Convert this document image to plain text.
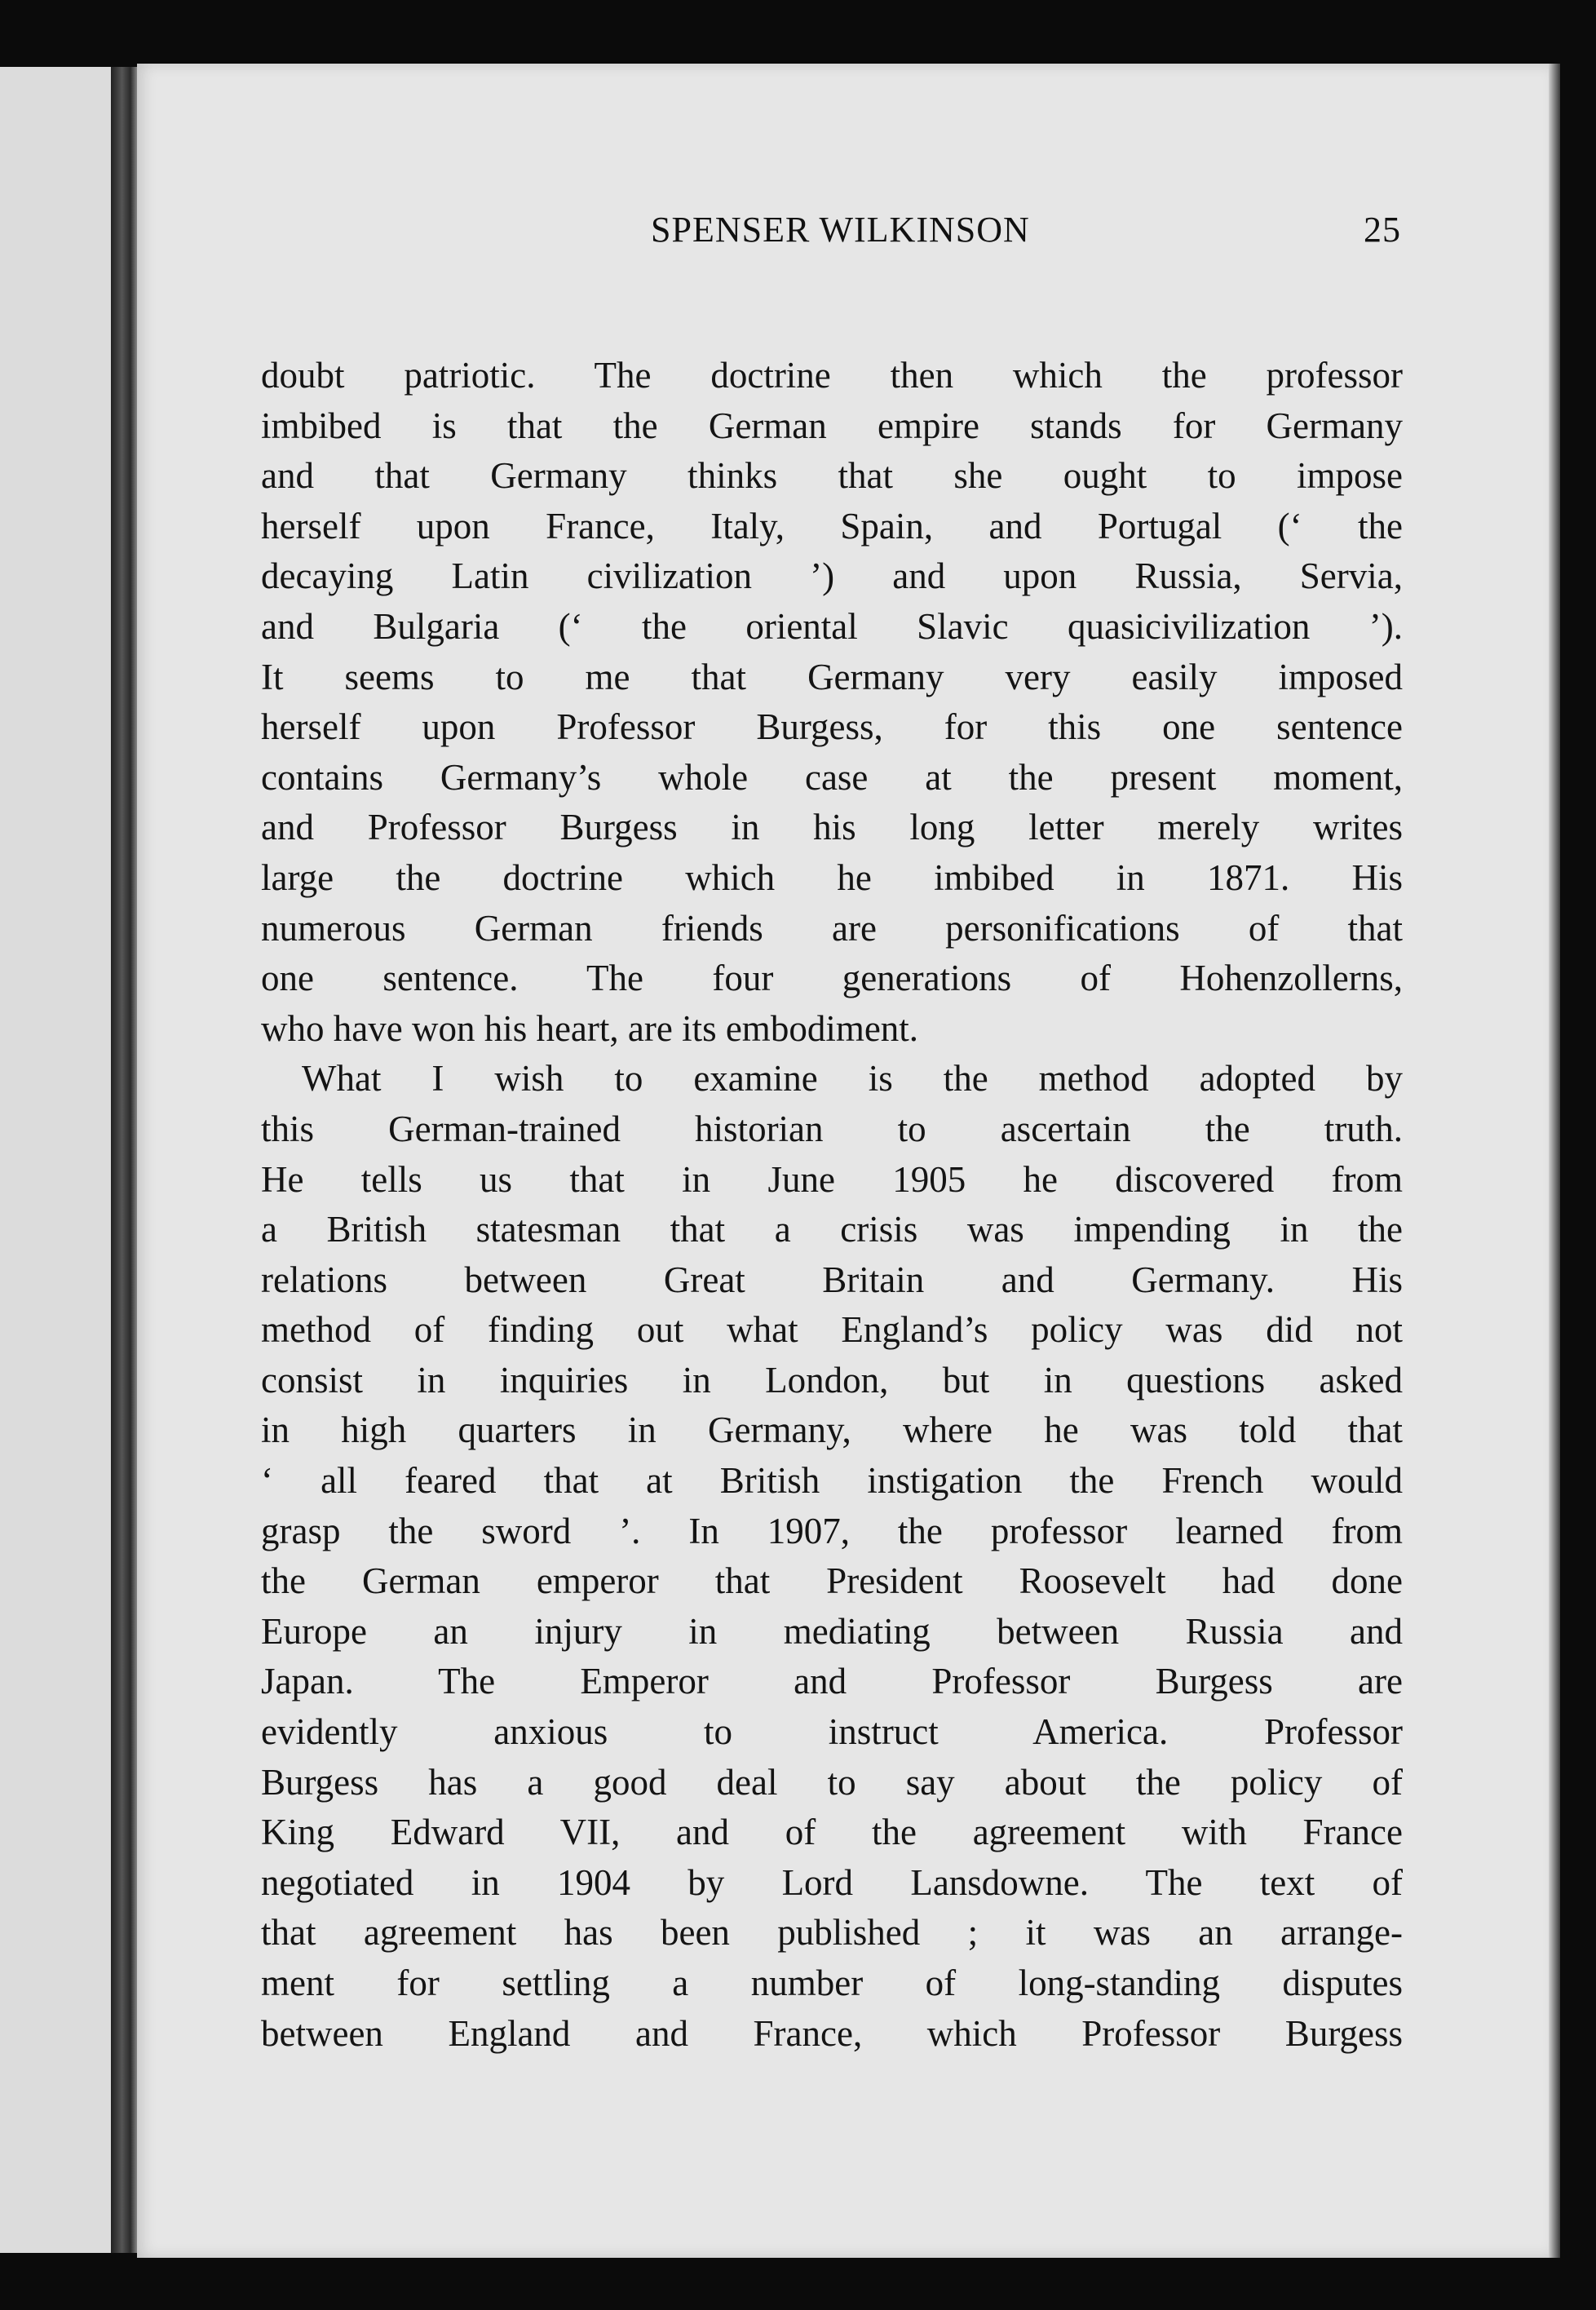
SPENSER WILKINSON	25
doubt patriotic. The doctrine then which the professor
imbibed is that the German empire stands for Germany
and that Germany thinks that she ought to impose
herself upon France, Italy, Spain, and Portugal (‘ the
decaying Latin civilization ’) and upon Russia, Servia,
and Bulgaria (‘ the oriental Slavic quasicivilization ’).
It seems to me that Germany very easily imposed
herself upon Professor Burgess, for this one sentence
contains Germany’s whole case at the present moment,
and Professor Burgess in his long letter merely writes
large the doctrine which he imbibed in 1871. His
numerous German friends are personifications of that
one sentence. The four generations of Hohenzollerns,
who have won his heart, are its embodiment.
What I wish to examine is the method adopted by
this German-trained historian to ascertain the truth.
He tells us that in June 1905 he discovered from
a British statesman that a crisis was impending in the
relations between Great Britain and Germany. His
method of finding out what England’s policy was did not
consist in inquiries in London, but in questions asked
in high quarters in Germany, where he was told that
‘ all feared that at British instigation the French would
grasp the sword ’. In 1907, the professor learned from
the German emperor that President Roosevelt had done
Europe an injury in mediating between Russia and
Japan. The Emperor and Professor Burgess are
evidently anxious to instruct America. Professor
Burgess has a good deal to say about the policy of
King Edward VII, and of the agreement with France
negotiated in 1904 by Lord Lansdowne. The text of
that agreement has been published ; it was an arrange-
ment for settling a number of long-standing disputes
between England and France, which Professor Burgess
